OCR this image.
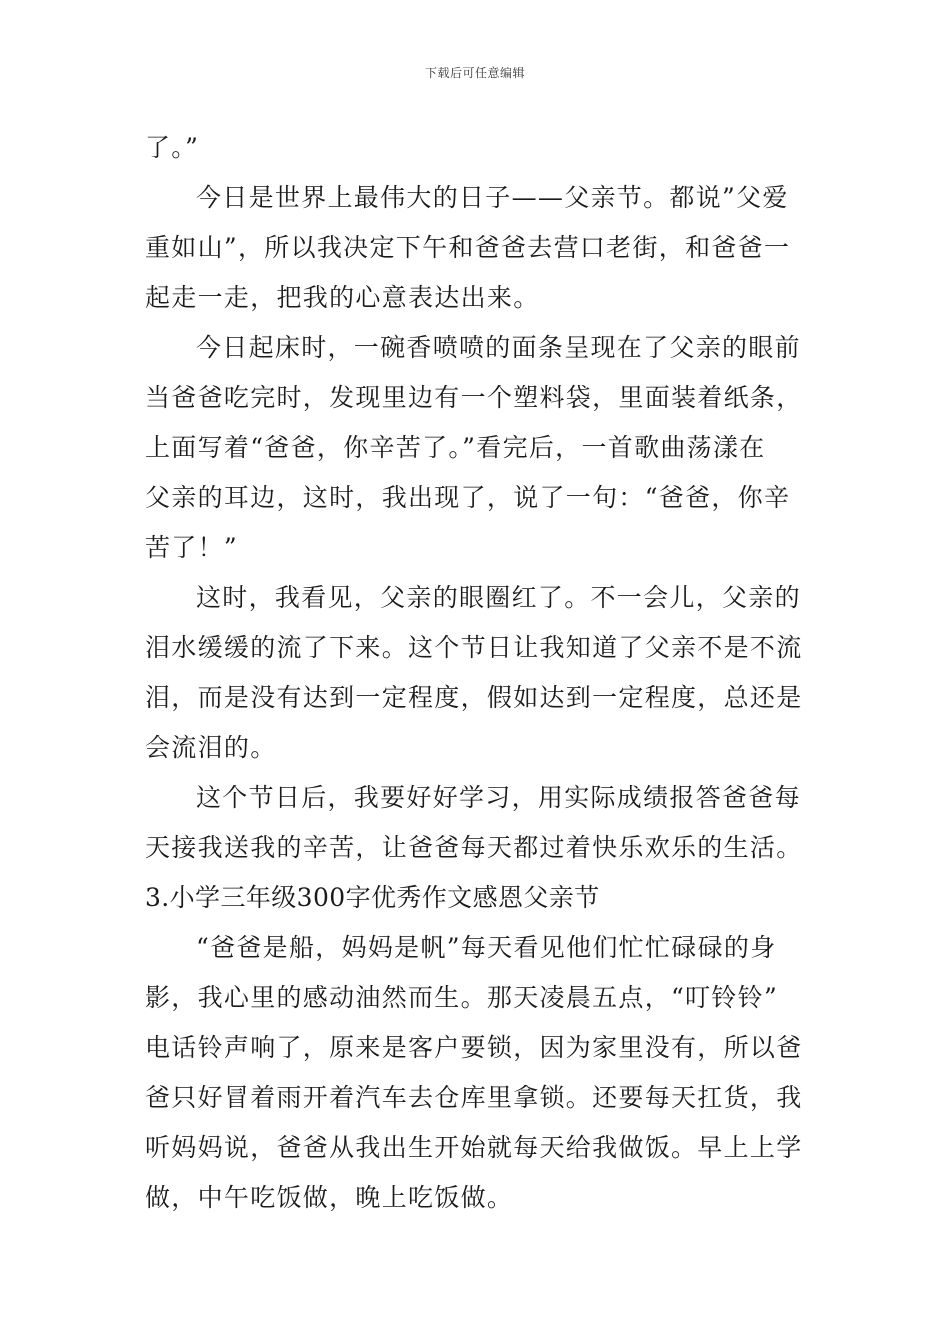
下载后可任意编辑
了。”
今日是世界上最伟大的日子——父亲节。都说”父爱
重如山”，所以我决定下午和爸爸去营口老街，和爸爸一
起走一走，把我的心意表达出来。
今日起床时，一碗香喷喷的面条呈现在了父亲的眼前
当爸爸吃完时，发现里边有一个塑料袋，里面装着纸条，
上面写着“爸爸，你辛苦了。”看完后，一首歌曲荡漾在
父亲的耳边，这时，我出现了，说了一句：“爸爸，你辛
苦了！”
这时，我看见，父亲的眼圈红了。不一会儿，父亲的
泪水缓缓的流了下来。这个节日让我知道了父亲不是不流
泪，而是没有达到一定程度，假如达到一定程度，总还是
会流泪的。
这个节日后，我要好好学习，用实际成绩报答爸爸每
天接我送我的辛苦，让爸爸每天都过着快乐欢乐的生活。
3.小学三年级300字优秀作文感恩父亲节
“爸爸是船，妈妈是帆”每天看见他们忙忙碌碌的身
影，我心里的感动油然而生。那天凌晨五点，“叮铃铃”
电话铃声响了，原来是客户要锁，因为家里没有，所以爸
爸只好冒着雨开着汽车去仓库里拿锁。还要每天扛货，我
听妈妈说，爸爸从我出生开始就每天给我做饭。早上上学
做，中午吃饭做，晚上吃饭做。
